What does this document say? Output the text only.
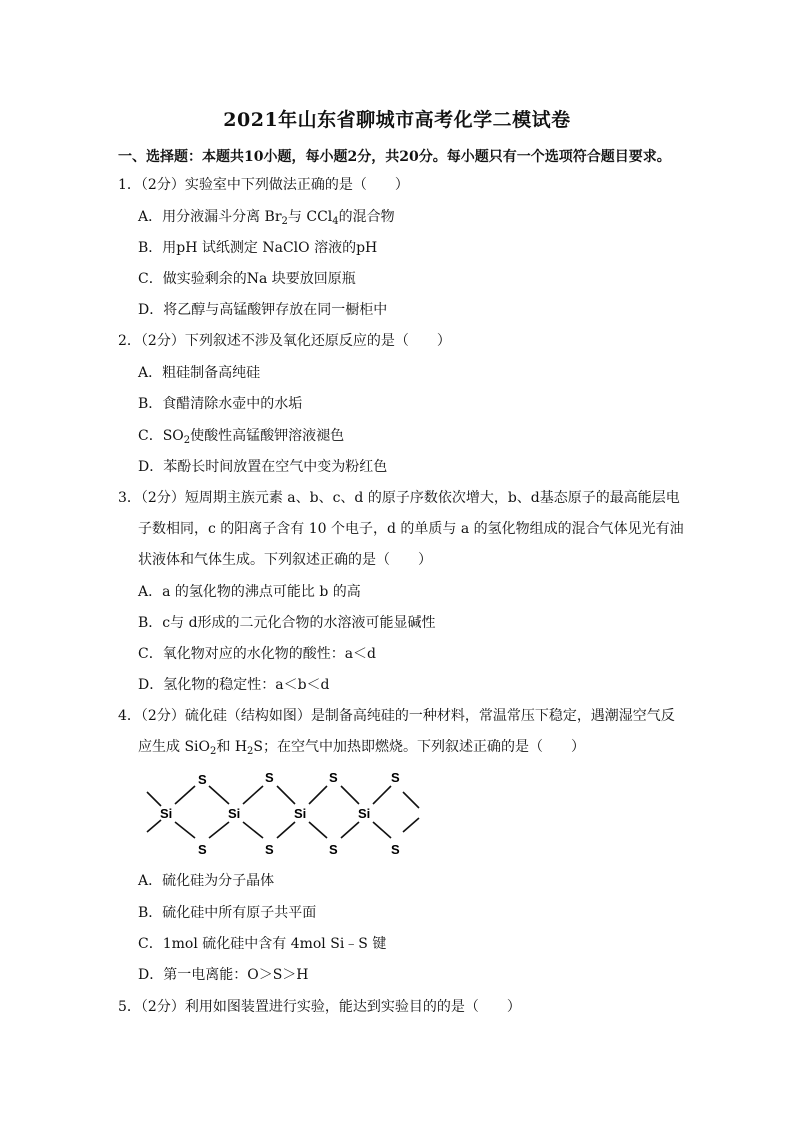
2021年山东省聊城市高考化学二模试卷
一、选择题：本题共10小题，每小题2分，共20分。每小题只有一个选项符合题目要求。
1．（2分）实验室中下列做法正确的是（　　）
A．用分液漏斗分离 $Br_2$与 CCl$_4$的混合物
B．用pH 试纸测定 NaClO 溶液的pH
C．做实验剩余的Na 块要放回原瓶
D．将乙醇与高锰酸钾存放在同一橱柜中
2．（2分）下列叙述不涉及氧化还原反应的是（　　）
A．粗硅制备高纯硅
B．食醋清除水壶中的水垢
C．$SO_2$使酸性高锰酸钾溶液褪色
D．苯酚长时间放置在空气中变为粉红色
3．（2分）短周期主族元素 a、b、c、d 的原子序数依次增大，b、d基态原子的最高能层电
子数相同，c 的阳离子含有 10 个电子，d 的单质与 a 的氢化物组成的混合气体见光有油
状液体和气体生成。下列叙述正确的是（　　）
A．a 的氢化物的沸点可能比 b 的高
B．c与 d形成的二元化合物的水溶液可能显碱性
C．氧化物对应的水化物的酸性：a＜d
D．氢化物的稳定性：a＜b＜d
4．（2分）硫化硅（结构如图）是制备高纯硅的一种材料，常温常压下稳定，遇潮湿空气反
应生成 SiO$_2$和 $H_2S$；在空气中加热即燃烧。下列叙述正确的是（　　）
Si	Si	Si	Si
S	S	S	S
S	S	S	S
A．硫化硅为分子晶体
B．硫化硅中所有原子共平面
C．1mol 硫化硅中含有 4mol Si﹣S 键
D．第一电离能：O＞S＞H
5．（2分）利用如图装置进行实验，能达到实验目的的是（　　）
